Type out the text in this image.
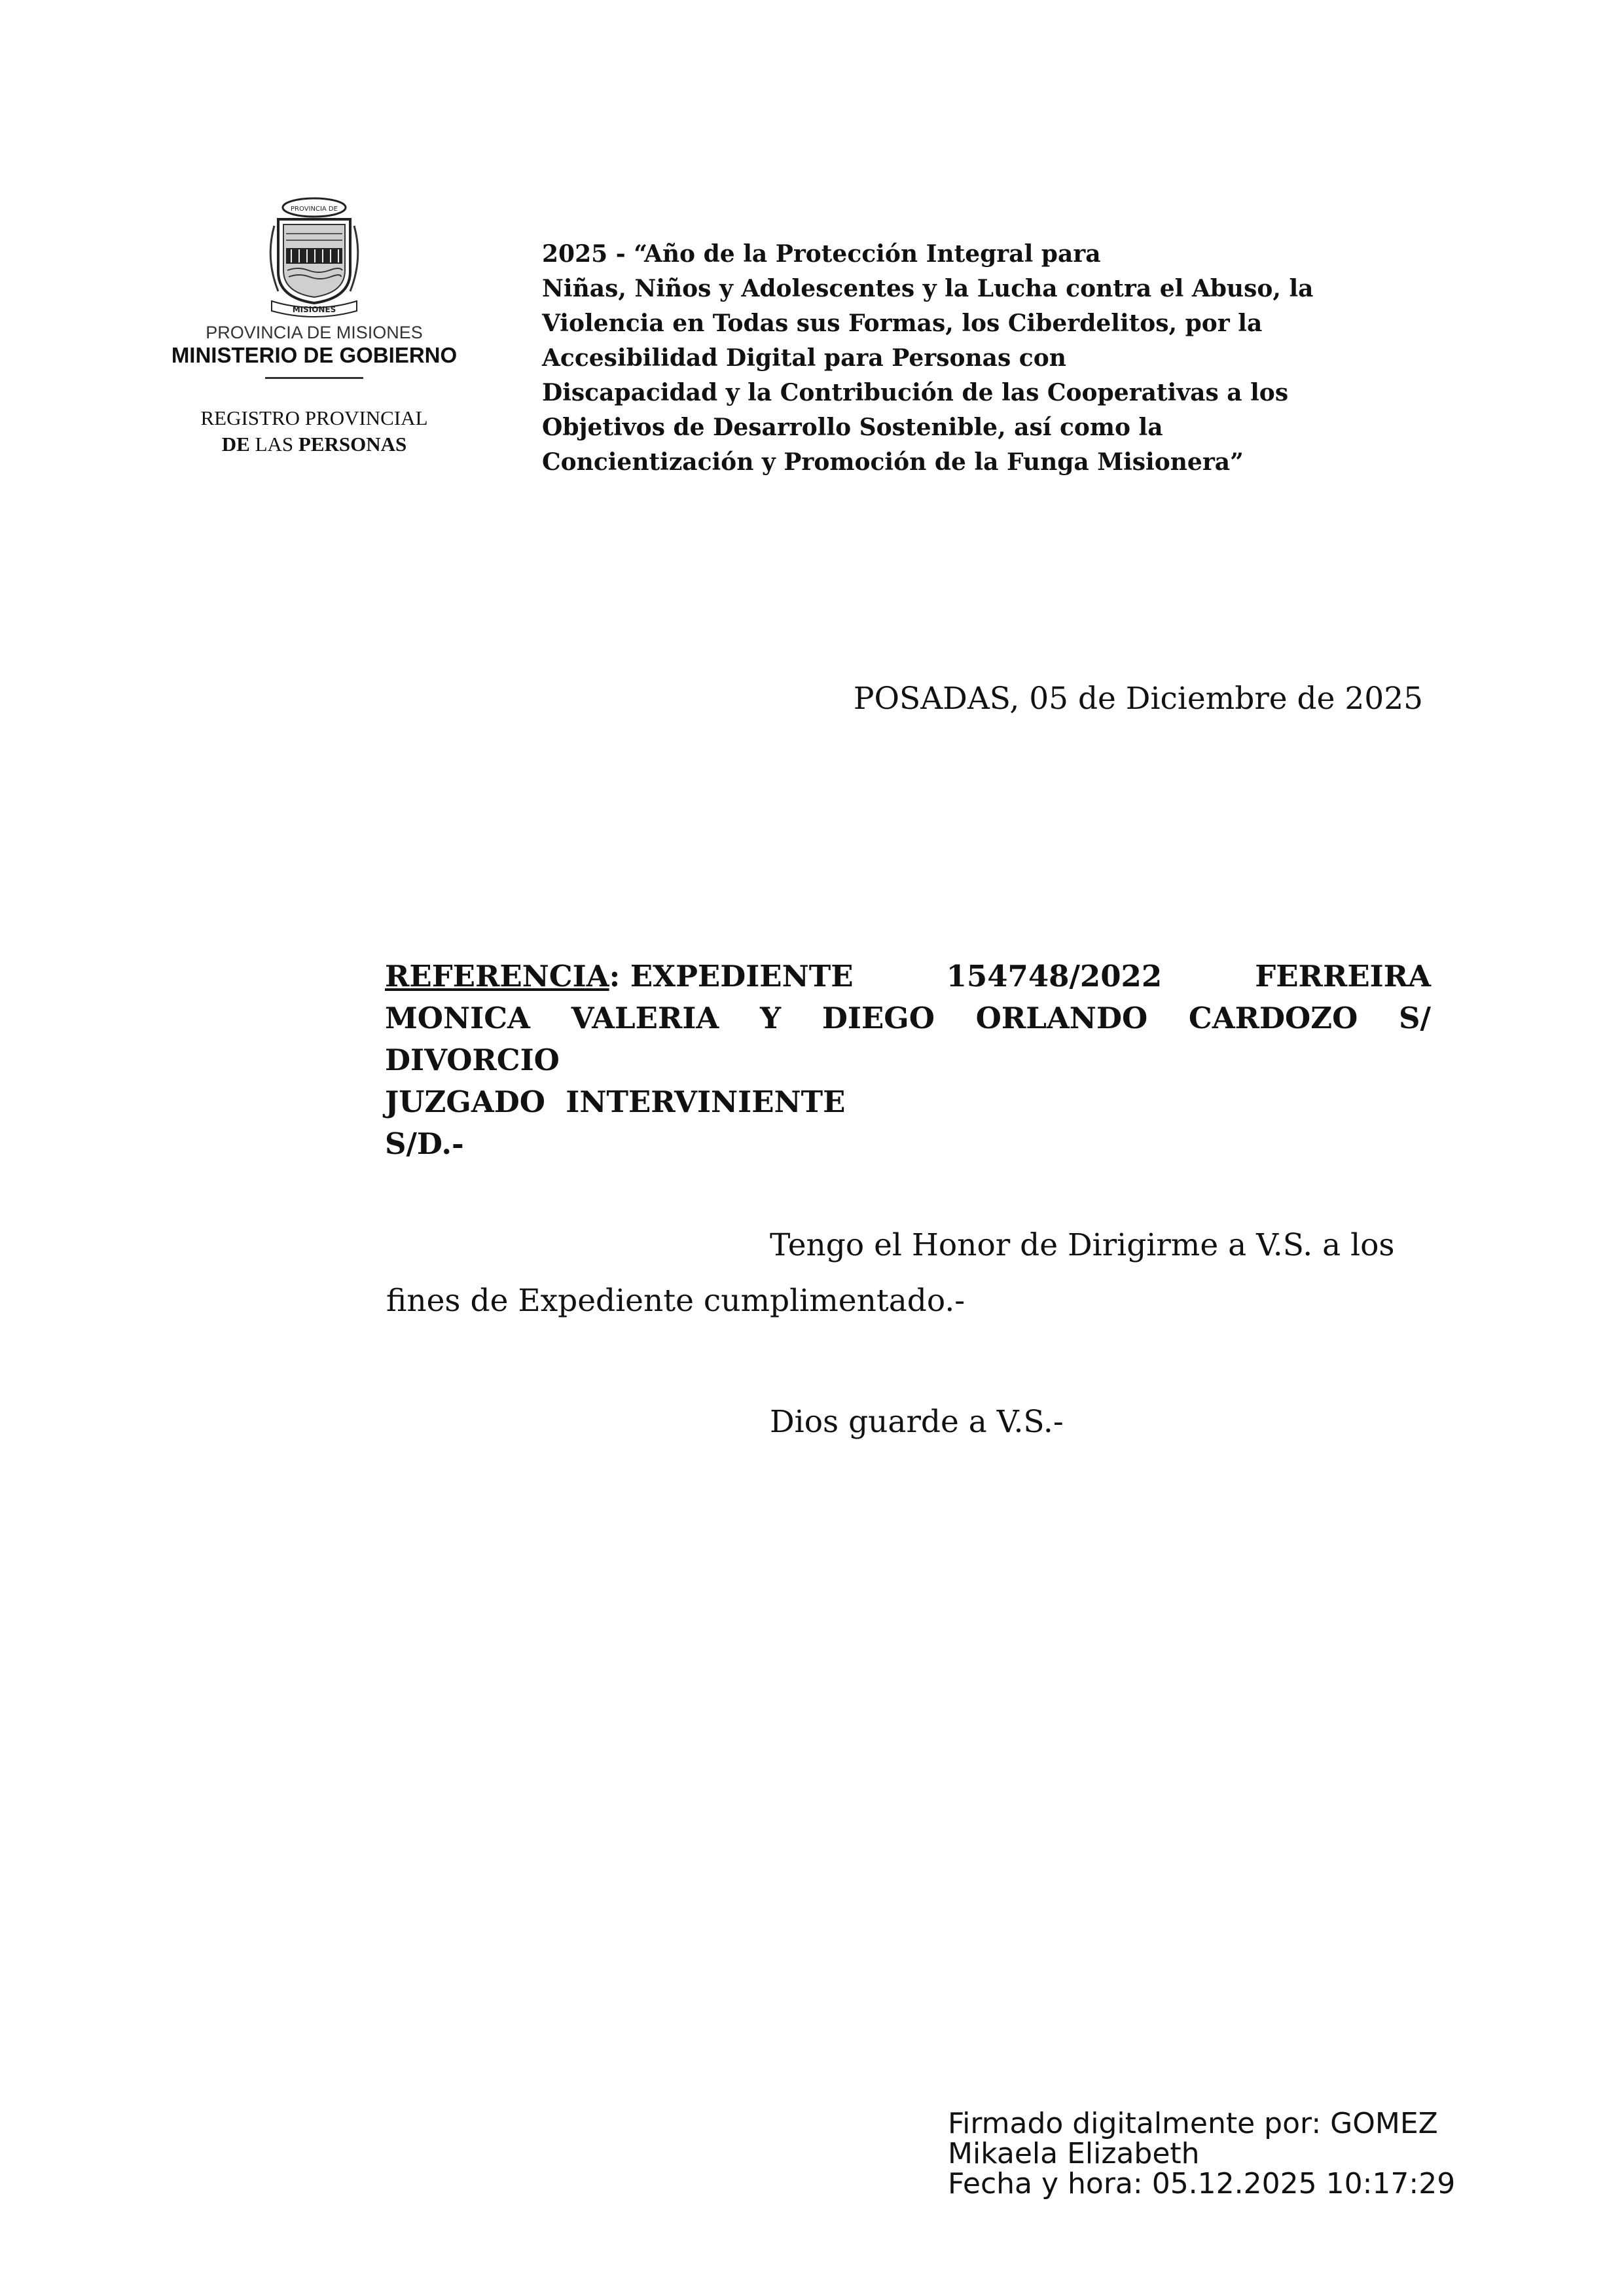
PROVINCIA DE
MISIONES
PROVINCIA DE MISIONES
MINISTERIO DE GOBIERNO
REGISTRO PROVINCIAL
DE LAS PERSONAS
2025 - “Año de la Protección Integral para
Niñas, Niños y Adolescentes y la Lucha contra el Abuso, la
Violencia en Todas sus Formas, los Ciberdelitos, por la
Accesibilidad Digital para Personas con
Discapacidad y la Contribución de las Cooperativas a los
Objetivos de Desarrollo Sostenible, así como la
Concientización y Promoción de la Funga Misionera”
POSADAS, 05 de Diciembre de 2025
REFERENCIA: EXPEDIENTE	154748/2022	FERREIRA
MONICA VALERIA Y DIEGO ORLANDO CARDOZO S/
DIVORCIO
JUZGADO  INTERVINIENTE
S/D.-
Tengo el Honor de Dirigirme a V.S. a los
fines de Expediente cumplimentado.-
Dios guarde a V.S.-
Firmado digitalmente por: GOMEZ
Mikaela Elizabeth
Fecha y hora: 05.12.2025 10:17:29
